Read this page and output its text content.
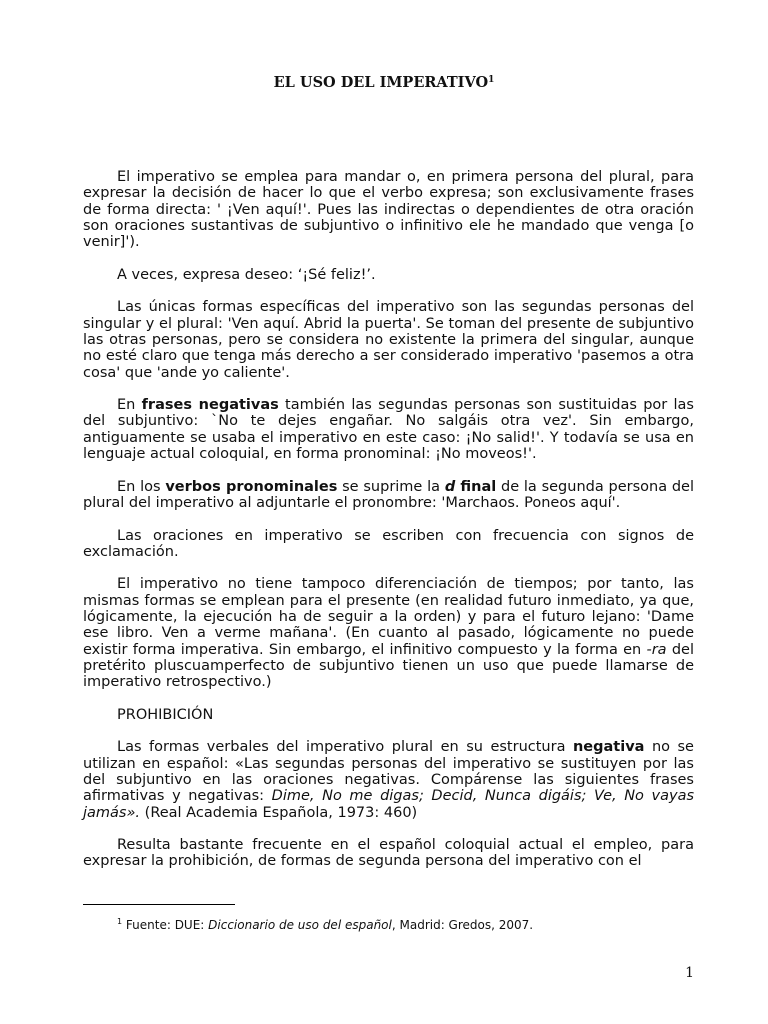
EL USO DEL IMPERATIVO$^1$

El imperativo se emplea para mandar o, en primera persona del plural, para expresar la decisión de hacer lo que el verbo expresa; son exclusivamente frases de forma directa: ' ¡Ven aquí!'. Pues las indirectas o dependientes de otra oración son oraciones sustantivas de subjuntivo o infinitivo ele he mandado que venga [o venir]').

A veces, expresa deseo: ‘¡Sé feliz!’.

Las únicas formas específicas del imperativo son las segundas personas del singular y el plural: 'Ven aquí. Abrid la puerta'. Se toman del presente de subjuntivo las otras personas, pero se considera no existente la primera del singular, aunque no esté claro que tenga más derecho a ser considerado imperativo 'pasemos a otra cosa' que 'ande yo caliente'.

En frases negativas también las segundas personas son sustituidas por las del subjuntivo: `No te dejes engañar. No salgáis otra vez'. Sin embargo, antiguamente se usaba el imperativo en este caso: ¡No salid!'. Y todavía se usa en lenguaje actual coloquial, en forma pronominal: ¡No moveos!'.

En los verbos pronominales se suprime la d final de la segunda persona del plural del imperativo al adjuntarle el pronombre: 'Marchaos. Poneos aquí'.

Las oraciones en imperativo se escriben con frecuencia con signos de exclamación.

El imperativo no tiene tampoco diferenciación de tiempos; por tanto, las mismas formas se emplean para el presente (en realidad futuro inmediato, ya que, lógicamente, la ejecución ha de seguir a la orden) y para el futuro lejano: 'Dame ese libro. Ven a verme mañana'. (En cuanto al pasado, lógicamente no puede existir forma imperativa. Sin embargo, el infinitivo compuesto y la forma en -ra del pretérito pluscuamperfecto de subjuntivo tienen un uso que puede llamarse de imperativo retrospectivo.)

PROHIBICIÓN

Las formas verbales del imperativo plural en su estructura negativa no se utilizan en español: «Las segundas personas del imperativo se sustituyen por las del subjuntivo en las oraciones negativas. Compárense las siguientes frases afirmativas y negativas: Dime, No me digas; Decid, Nunca digáis; Ve, No vayas jamás». (Real Academia Española, 1973: 460)

Resulta bastante frecuente en el español coloquial actual el empleo, para expresar la prohibición, de formas de segunda persona del imperativo con el

$^1$ Fuente: DUE: Diccionario de uso del español, Madrid: Gredos, 2007.
1
